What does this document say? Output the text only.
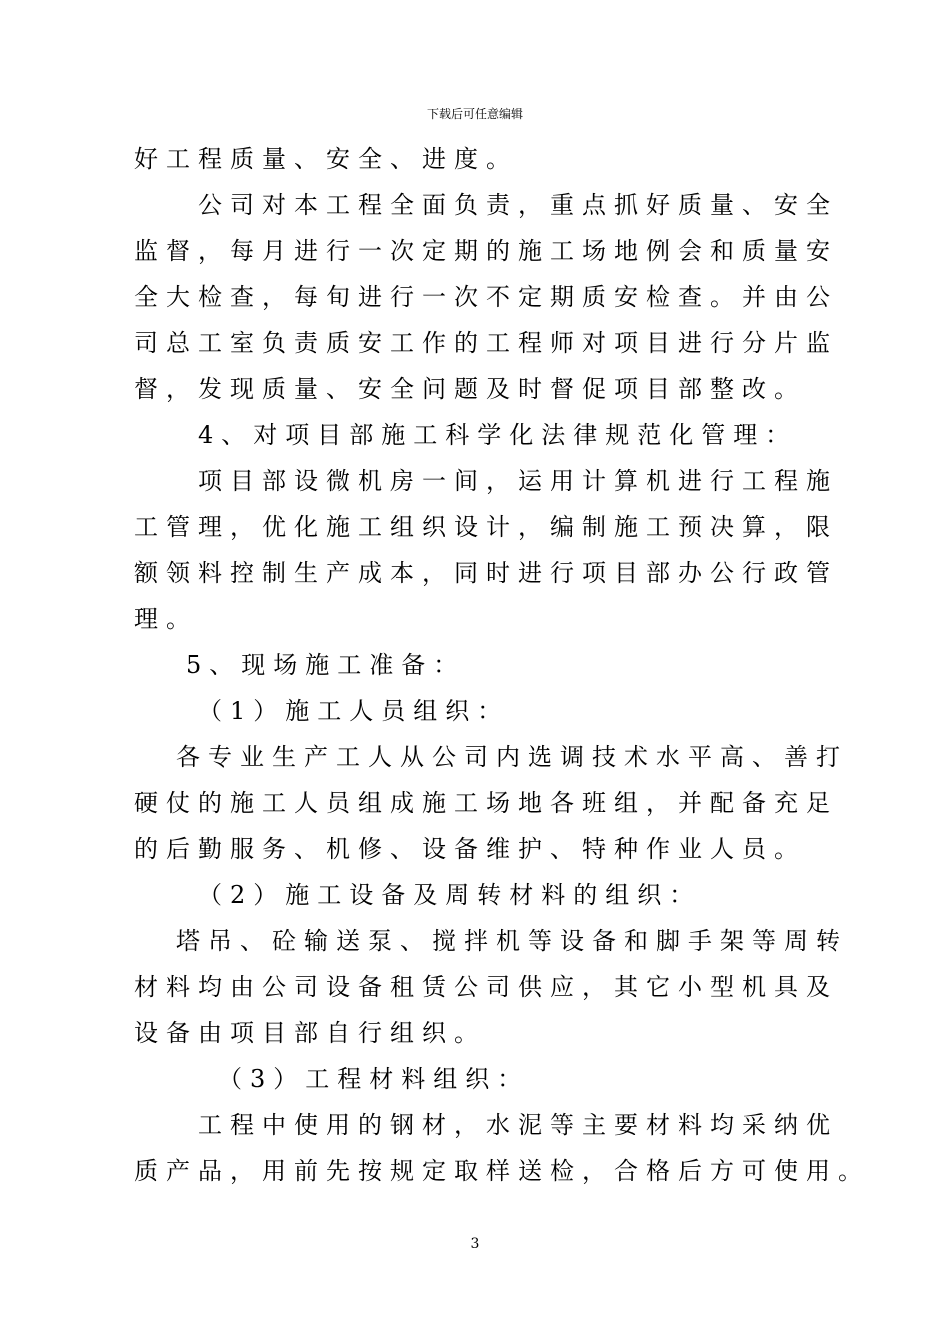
下载后可任意编辑
好工程质量、安全、进度。
公司对本工程全面负责，重点抓好质量、安全
监督，每月进行一次定期的施工场地例会和质量安
全大检查，每旬进行一次不定期质安检查。并由公
司总工室负责质安工作的工程师对项目进行分片监
督，发现质量、安全问题及时督促项目部整改。
4、对项目部施工科学化法律规范化管理：
项目部设微机房一间，运用计算机进行工程施
工管理，优化施工组织设计，编制施工预决算，限
额领料控制生产成本，同时进行项目部办公行政管
理。
5、现场施工准备：
（1）施工人员组织：
各专业生产工人从公司内选调技术水平高、善打
硬仗的施工人员组成施工场地各班组，并配备充足
的后勤服务、机修、设备维护、特种作业人员。
（2）施工设备及周转材料的组织：
塔吊、砼输送泵、搅拌机等设备和脚手架等周转
材料均由公司设备租赁公司供应，其它小型机具及
设备由项目部自行组织。
（3）工程材料组织：
工程中使用的钢材，水泥等主要材料均采纳优
质产品，用前先按规定取样送检，合格后方可使用。
3
